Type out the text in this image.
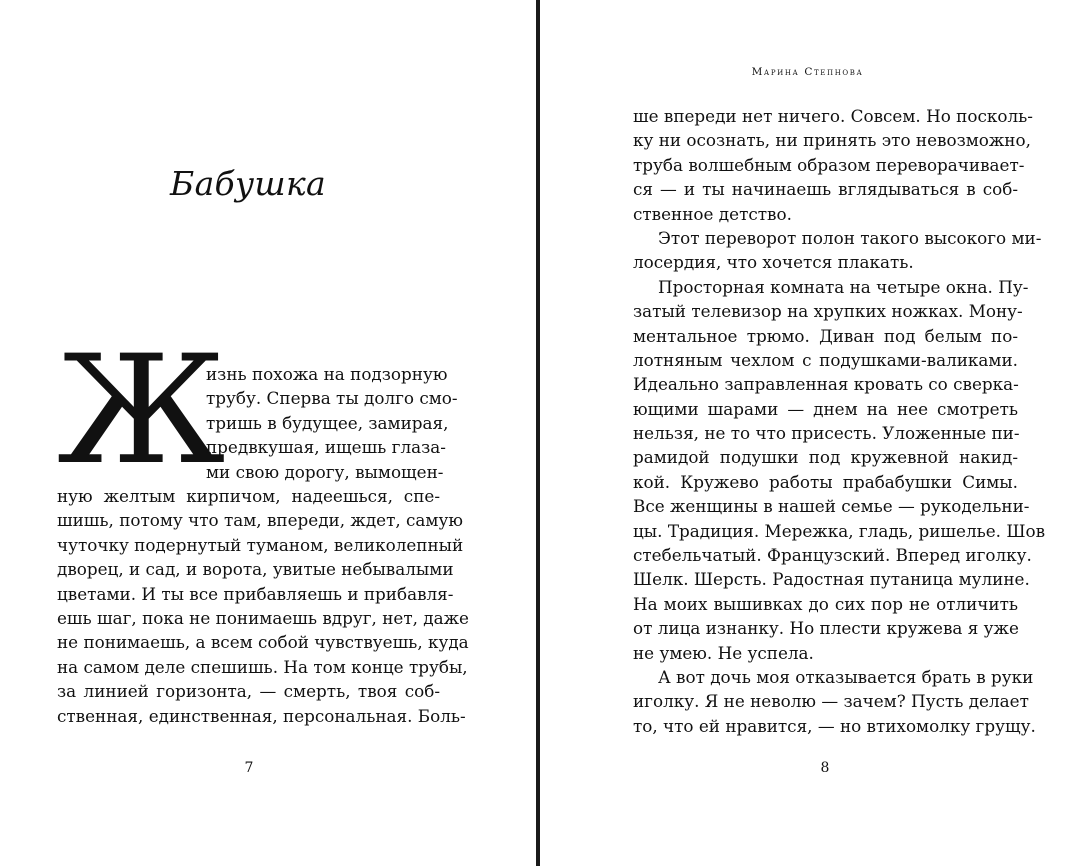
Бабушка
Ж
изнь похожа на подзорную
трубу. Сперва ты долго смо-
тришь в будущее, замирая,
предвкушая, ищешь глаза-
ми свою дорогу, вымощен-
ную желтым кирпичом, надеешься, спе-
шишь, потому что там, впереди, ждет, самую
чуточку подернутый туманом, великолепный
дворец, и сад, и ворота, увитые небывалыми
цветами. И ты все прибавляешь и прибавля-
ешь шаг, пока не понимаешь вдруг, нет, даже
не понимаешь, а всем собой чувствуешь, куда
на самом деле спешишь. На том конце трубы,
за линией горизонта, — смерть, твоя соб-
ственная, единственная, персональная. Боль-
7
Марина Степнова
ше впереди нет ничего. Совсем. Но посколь-
ку ни осознать, ни принять это невозможно,
труба волшебным образом переворачивает-
ся — и ты начинаешь вглядываться в соб-
ственное детство.
Этот переворот полон такого высокого ми-
лосердия, что хочется плакать.
Просторная комната на четыре окна. Пу-
затый телевизор на хрупких ножках. Мону-
ментальное трюмо. Диван под белым по-
лотняным чехлом с подушками-валиками.
Идеально заправленная кровать со сверка-
ющими шарами — днем на нее смотреть
нельзя, не то что присесть. Уложенные пи-
рамидой подушки под кружевной накид-
кой. Кружево работы прабабушки Симы.
Все женщины в нашей семье — рукодельни-
цы. Традиция. Мережка, гладь, ришелье. Шов
стебельчатый. Французский. Вперед иголку.
Шелк. Шерсть. Радостная путаница мулине.
На моих вышивках до сих пор не отличить
от лица изнанку. Но плести кружева я уже
не умею. Не успела.
А вот дочь моя отказывается брать в руки
иголку. Я не неволю — зачем? Пусть делает
то, что ей нравится, — но втихомолку грущу.
8
